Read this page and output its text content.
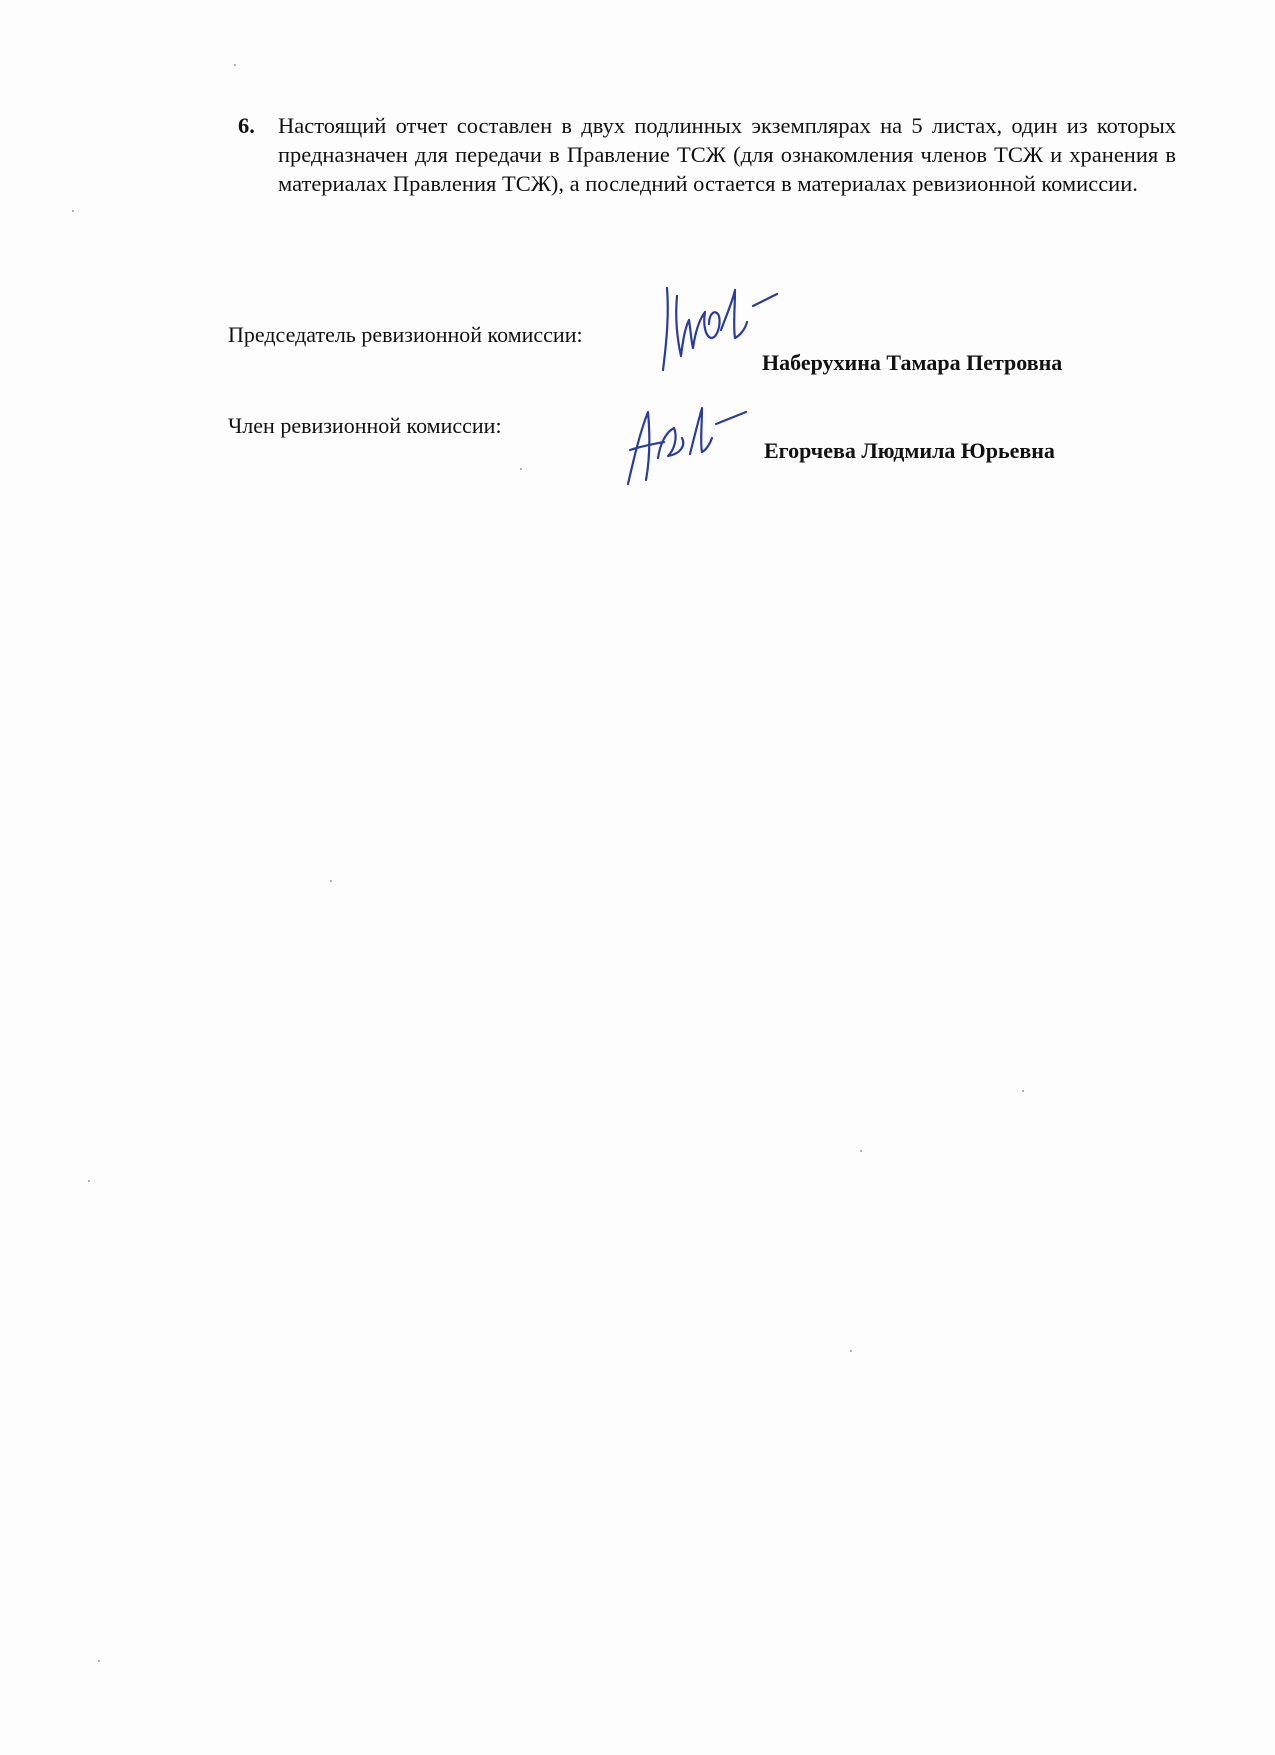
6. Настоящий отчет составлен в двух подлинных экземплярах на 5 листах, один из которых предназначен для передачи в Правление ТСЖ (для ознакомления членов ТСЖ и хранения в материалах Правления ТСЖ), а последний остается в материалах ревизионной комиссии.
Председатель ревизионной комиссии:
Наберухина Тамара Петровна
Член ревизионной комиссии:
Егорчева Людмила Юрьевна
